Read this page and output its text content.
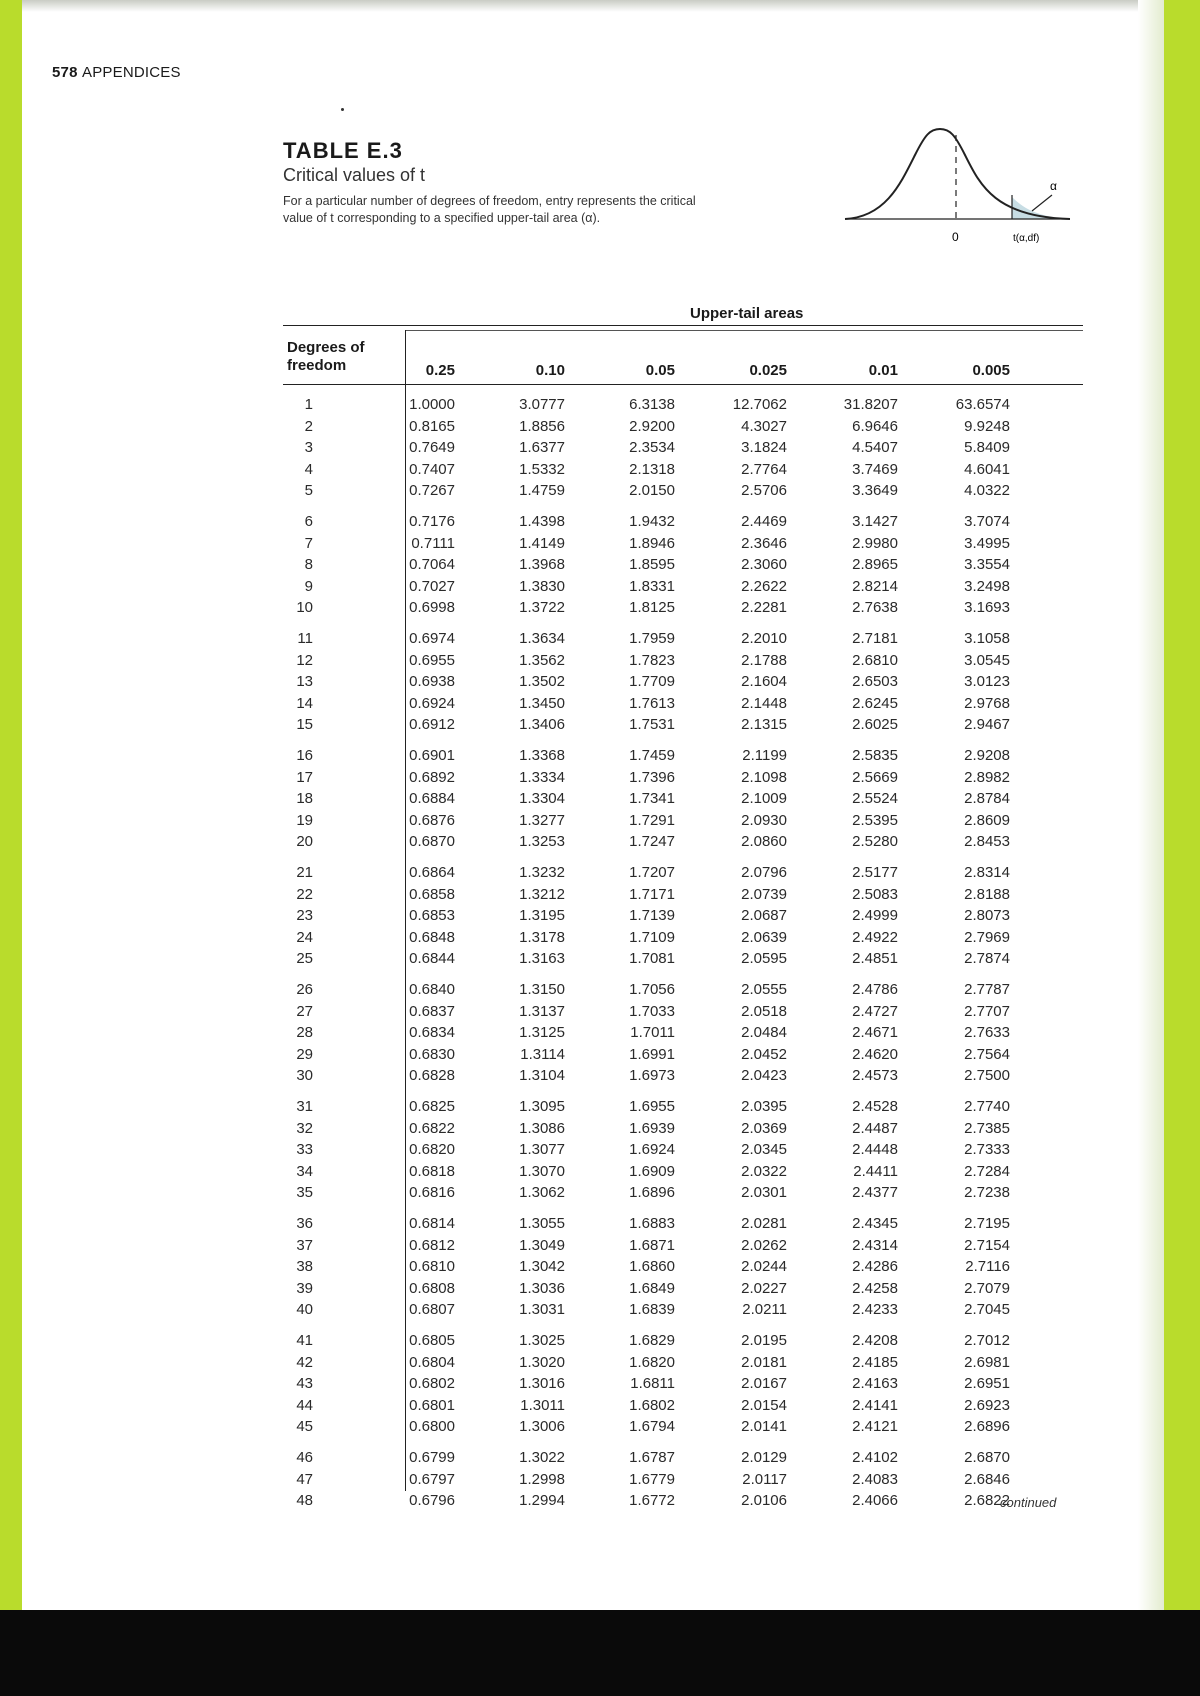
578 APPENDICES
TABLE E.3
Critical values of t
For a particular number of degrees of freedom, entry represents the critical value of t corresponding to a specified upper-tail area (α).
0
α
t(α,df)
Upper-tail areas
Degrees of
freedom	0.25	0.10	0.05	0.025	0.01	0.005
1	1.0000	3.0777	6.3138	12.7062	31.8207	63.6574
2	0.8165	1.8856	2.9200	4.3027	6.9646	9.9248
3	0.7649	1.6377	2.3534	3.1824	4.5407	5.8409
4	0.7407	1.5332	2.1318	2.7764	3.7469	4.6041
5	0.7267	1.4759	2.0150	2.5706	3.3649	4.0322
6	0.7176	1.4398	1.9432	2.4469	3.1427	3.7074
7	0.7111	1.4149	1.8946	2.3646	2.9980	3.4995
8	0.7064	1.3968	1.8595	2.3060	2.8965	3.3554
9	0.7027	1.3830	1.8331	2.2622	2.8214	3.2498
10	0.6998	1.3722	1.8125	2.2281	2.7638	3.1693
11	0.6974	1.3634	1.7959	2.2010	2.7181	3.1058
12	0.6955	1.3562	1.7823	2.1788	2.6810	3.0545
13	0.6938	1.3502	1.7709	2.1604	2.6503	3.0123
14	0.6924	1.3450	1.7613	2.1448	2.6245	2.9768
15	0.6912	1.3406	1.7531	2.1315	2.6025	2.9467
16	0.6901	1.3368	1.7459	2.1199	2.5835	2.9208
17	0.6892	1.3334	1.7396	2.1098	2.5669	2.8982
18	0.6884	1.3304	1.7341	2.1009	2.5524	2.8784
19	0.6876	1.3277	1.7291	2.0930	2.5395	2.8609
20	0.6870	1.3253	1.7247	2.0860	2.5280	2.8453
21	0.6864	1.3232	1.7207	2.0796	2.5177	2.8314
22	0.6858	1.3212	1.7171	2.0739	2.5083	2.8188
23	0.6853	1.3195	1.7139	2.0687	2.4999	2.8073
24	0.6848	1.3178	1.7109	2.0639	2.4922	2.7969
25	0.6844	1.3163	1.7081	2.0595	2.4851	2.7874
26	0.6840	1.3150	1.7056	2.0555	2.4786	2.7787
27	0.6837	1.3137	1.7033	2.0518	2.4727	2.7707
28	0.6834	1.3125	1.7011	2.0484	2.4671	2.7633
29	0.6830	1.3114	1.6991	2.0452	2.4620	2.7564
30	0.6828	1.3104	1.6973	2.0423	2.4573	2.7500
31	0.6825	1.3095	1.6955	2.0395	2.4528	2.7740
32	0.6822	1.3086	1.6939	2.0369	2.4487	2.7385
33	0.6820	1.3077	1.6924	2.0345	2.4448	2.7333
34	0.6818	1.3070	1.6909	2.0322	2.4411	2.7284
35	0.6816	1.3062	1.6896	2.0301	2.4377	2.7238
36	0.6814	1.3055	1.6883	2.0281	2.4345	2.7195
37	0.6812	1.3049	1.6871	2.0262	2.4314	2.7154
38	0.6810	1.3042	1.6860	2.0244	2.4286	2.7116
39	0.6808	1.3036	1.6849	2.0227	2.4258	2.7079
40	0.6807	1.3031	1.6839	2.0211	2.4233	2.7045
41	0.6805	1.3025	1.6829	2.0195	2.4208	2.7012
42	0.6804	1.3020	1.6820	2.0181	2.4185	2.6981
43	0.6802	1.3016	1.6811	2.0167	2.4163	2.6951
44	0.6801	1.3011	1.6802	2.0154	2.4141	2.6923
45	0.6800	1.3006	1.6794	2.0141	2.4121	2.6896
46	0.6799	1.3022	1.6787	2.0129	2.4102	2.6870
47	0.6797	1.2998	1.6779	2.0117	2.4083	2.6846
48	0.6796	1.2994	1.6772	2.0106	2.4066	2.6822
continued
